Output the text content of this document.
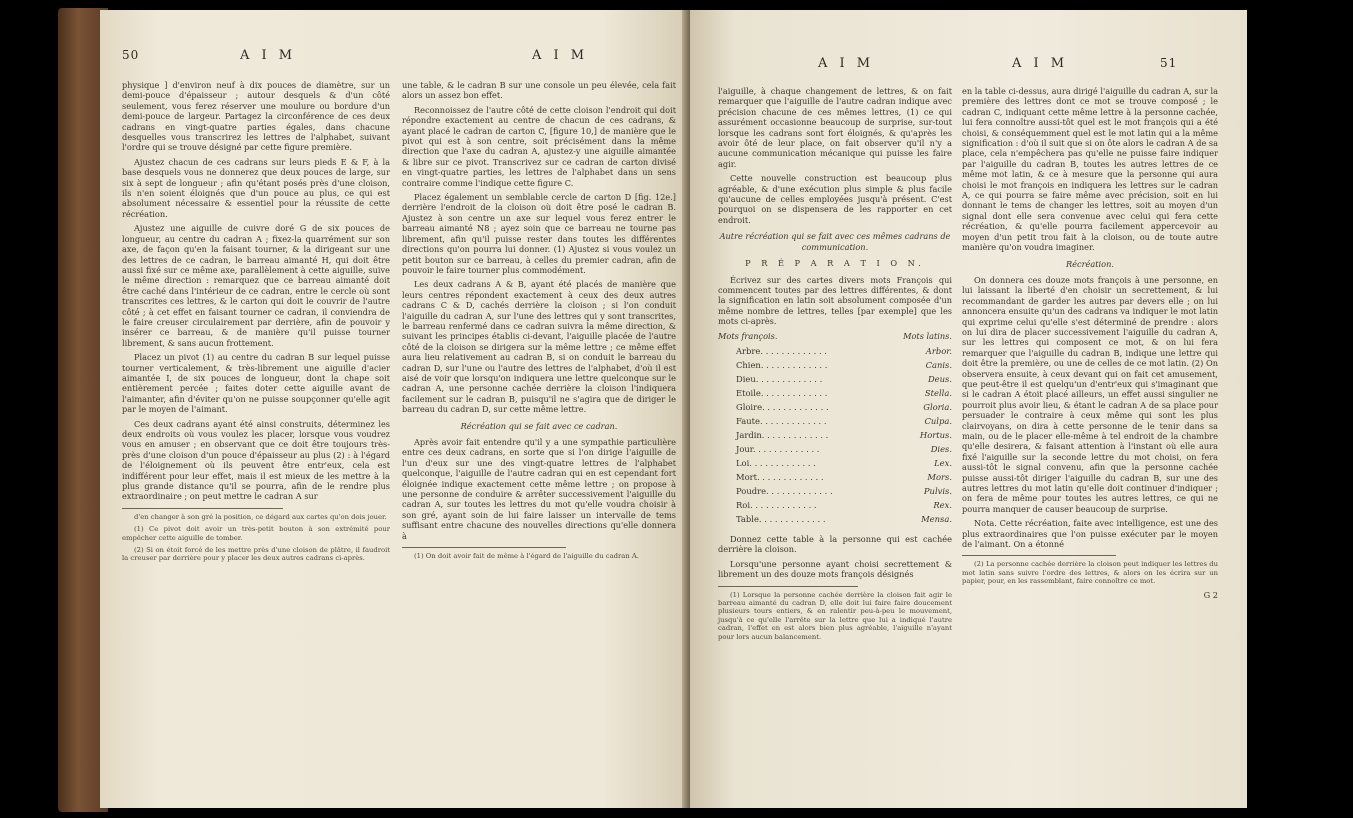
50	A I M	A I M

physique ] d'environ neuf à dix pouces de diamètre, sur un demi-pouce d'épaisseur ; autour desquels & d'un côté seulement, vous ferez réserver une moulure ou bordure d'un demi-pouce de largeur. Partagez la circonférence de ces deux cadrans en vingt-quatre parties égales, dans chacune desquelles vous transcrirez les lettres de l'alphabet, suivant l'ordre qui se trouve désigné par cette figure première.

Ajustez chacun de ces cadrans sur leurs pieds E & F, à la base desquels vous ne donnerez que deux pouces de large, sur six à sept de longueur ; afin qu'étant posés près d'une cloison, ils n'en soient éloignés que d'un pouce au plus, ce qui est absolument nécessaire & essentiel pour la réussite de cette récréation.

Ajustez une aiguille de cuivre doré G de six pouces de longueur, au centre du cadran A ; fixez-la quarrément sur son axe, de façon qu'en la faisant tourner, & la dirigeant sur une des lettres de ce cadran, le barreau aimanté H, qui doit être aussi fixé sur ce même axe, parallèlement à cette aiguille, suive le même direction : remarquez que ce barreau aimanté doit être caché dans l'intérieur de ce cadran, entre le cercle où sont transcrites ces lettres, & le carton qui doit le couvrir de l'autre côté ; à cet effet en faisant tourner ce cadran, il conviendra de le faire creuser circulairement par derrière, afin de pouvoir y insérer ce barreau, & de manière qu'il puisse tourner librement, & sans aucun frottement.

Placez un pivot (1) au centre du cadran B sur lequel puisse tourner verticalement, & très-librement une aiguille d'acier aimantée I, de six pouces de longueur, dont la chape soit entièrement percée ; faites doter cette aiguille avant de l'aimanter, afin d'éviter qu'on ne puisse soupçonner qu'elle agit par le moyen de l'aimant.

Ces deux cadrans ayant été ainsi construits, déterminez les deux endroits où vous voulez les placer, lorsque vous voudrez vous en amuser ; en observant que ce doit être toujours très-près d'une cloison d'un pouce d'épaisseur au plus (2) : à l'égard de l'éloignement où ils peuvent être entr'eux, cela est indifférent pour leur effet, mais il est mieux de les mettre à la plus grande distance qu'il se pourra, afin de le rendre plus extraordinaire ; on peut mettre le cadran A sur

d'en changer à son gré la position, ce dégard aux cartes qu'on dois jouer.

(1) Ce pivot doit avoir un très-petit bouton à son extrémité pour empêcher cette aiguille de tomber.

(2) Si on étoit forcé de les mettre près d'une cloison de plâtre, il faudroit la creuser par derrière pour y placer les deux autres cadrans ci-après.

une table, & le cadran B sur une console un peu élevée, cela fait alors un assez bon effet.

Reconnoissez de l'autre côté de cette cloison l'endroit qui doit répondre exactement au centre de chacun de ces cadrans, & ayant placé le cadran de carton C, [figure 10,] de manière que le pivot qui est à son centre, soit précisément dans la même direction que l'axe du cadran A, ajustez-y une aiguille aimantée & libre sur ce pivot. Transcrivez sur ce cadran de carton divisé en vingt-quatre parties, les lettres de l'alphabet dans un sens contraire comme l'indique cette figure C.

Placez également un semblable cercle de carton D [fig. 12e.] derrière l'endroit de la cloison où doit être posé le cadran B. Ajustez à son centre un axe sur lequel vous ferez entrer le barreau aimanté N8 ; ayez soin que ce barreau ne tourne pas librement, afin qu'il puisse rester dans toutes les différentes directions qu'on pourra lui donner. (1) Ajustez si vous voulez un petit bouton sur ce barreau, à celles du premier cadran, afin de pouvoir le faire tourner plus commodément.

Les deux cadrans A & B, ayant été placés de manière que leurs centres répondent exactement à ceux des deux autres cadrans C & D, cachés derrière la cloison ; si l'on conduit l'aiguille du cadran A, sur l'une des lettres qui y sont transcrites, le barreau renfermé dans ce cadran suivra la même direction, & suivant les principes établis ci-devant, l'aiguille placée de l'autre côté de la cloison se dirigera sur la même lettre ; ce même effet aura lieu relativement au cadran B, si on conduit le barreau du cadran D, sur l'une ou l'autre des lettres de l'alphabet, d'où il est aisé de voir que lorsqu'on indiquera une lettre quelconque sur le cadran A, une personne cachée derrière la cloison l'indiquera facilement sur le cadran B, puisqu'il ne s'agira que de diriger le barreau du cadran D, sur cette même lettre.

Récréation qui se fait avec ce cadran.

Après avoir fait entendre qu'il y a une sympathie particulière entre ces deux cadrans, en sorte que si l'on dirige l'aiguille de l'un d'eux sur une des vingt-quatre lettres de l'alphabet quelconque, l'aiguille de l'autre cadran qui en est cependant fort éloignée indique exactement cette même lettre ; on propose à une personne de conduire & arrêter successivement l'aiguille du cadran A, sur toutes les lettres du mot qu'elle voudra choisir à son gré, ayant soin de lui faire laisser un intervalle de tems suffisant entre chacune des nouvelles directions qu'elle donnera à

(1) On doit avoir fait de même à l'égard de l'aiguille du cadran A.

A I M	A I M	51

l'aiguille, à chaque changement de lettres, & on fait remarquer que l'aiguille de l'autre cadran indique avec précision chacune de ces mêmes lettres, (1) ce qui assurément occasionne beaucoup de surprise, sur-tout lorsque les cadrans sont fort éloignés, & qu'après les avoir ôté de leur place, on fait observer qu'il n'y a aucune communication mécanique qui puisse les faire agir.

Cette nouvelle construction est beaucoup plus agréable, & d'une exécution plus simple & plus facile qu'aucune de celles employées jusqu'à présent. C'est pourquoi on se dispensera de les rapporter en cet endroit.

Autre récréation qui se fait avec ces mêmes cadrans de communication.

P R É P A R A T I O N.

Écrivez sur des cartes divers mots François qui commencent toutes par des lettres différentes, & dont la signification en latin soit absolument composée d'un même nombre de lettres, telles [par exemple] que les mots ci-après.

Mots françois.	Mots latins.
Arbre. . . . . . . . . . . . .	Arbor.
Chien. . . . . . . . . . . . .	Canis.
Dieu. . . . . . . . . . . . .	Deus.
Etoile. . . . . . . . . . . . .	Stella.
Gloire. . . . . . . . . . . . .	Gloria.
Faute. . . . . . . . . . . . .	Culpa.
Jardin. . . . . . . . . . . . .	Hortus.
Jour. . . . . . . . . . . . .	Dies.
Loi. . . . . . . . . . . . .	Lex.
Mort. . . . . . . . . . . . .	Mors.
Poudre. . . . . . . . . . . . .	Pulvis.
Roi. . . . . . . . . . . . .	Rex.
Table. . . . . . . . . . . . .	Mensa.

Donnez cette table à la personne qui est cachée derrière la cloison.

Lorsqu'une personne ayant choisi secrettement & librement un des douze mots françois désignés

(1) Lorsque la personne cachée derrière la cloison fait agir le barreau aimanté du cadran D, elle doit lui faire faire doucement plusieurs tours entiers, & en ralentir peu-à-peu le mouvement, jusqu'à ce qu'elle l'arrête sur la lettre que lui a indiqué l'autre cadran, l'effet en est alors bien plus agréable, l'aiguille n'ayant pour lors aucun balancement.

en la table ci-dessus, aura dirigé l'aiguille du cadran A, sur la première des lettres dont ce mot se trouve composé ; le cadran C, indiquant cette même lettre à la personne cachée, lui fera connoître aussi-tôt quel est le mot françois qui a été choisi, & conséquemment quel est le mot latin qui a la même signification : d'où il suit que si on ôte alors le cadran A de sa place, cela n'empêchera pas qu'elle ne puisse faire indiquer par l'aiguille du cadran B, toutes les autres lettres de ce même mot latin, & ce à mesure que la personne qui aura choisi le mot françois en indiquera les lettres sur le cadran A, ce qui pourra se faire même avec précision, soit en lui donnant le tems de changer les lettres, soit au moyen d'un signal dont elle sera convenue avec celui qui fera cette récréation, & qu'elle pourra facilement appercevoir au moyen d'un petit trou fait à la cloison, ou de toute autre manière qu'on voudra imaginer.

Récréation.

On donnera ces douze mots françois à une personne, en lui laissant la liberté d'en choisir un secrettement, & lui recommandant de garder les autres par devers elle ; on lui annoncera ensuite qu'un des cadrans va indiquer le mot latin qui exprime celui qu'elle s'est déterminé de prendre : alors on lui dira de placer successivement l'aiguille du cadran A, sur les lettres qui composent ce mot, & on lui fera remarquer que l'aiguille du cadran B, indique une lettre qui doit être la première, ou une de celles de ce mot latin. (2) On observera ensuite, à ceux devant qui on fait cet amusement, que peut-être il est quelqu'un d'entr'eux qui s'imaginant que si le cadran A étoit placé ailleurs, un effet aussi singulier ne pourroit plus avoir lieu, & étant le cadran A de sa place pour persuader le contraire à ceux même qui sont les plus clairvoyans, on dira à cette personne de le tenir dans sa main, ou de le placer elle-même à tel endroit de la chambre qu'elle desirera, & faisant attention à l'instant où elle aura fixé l'aiguille sur la seconde lettre du mot choisi, on fera aussi-tôt le signal convenu, afin que la personne cachée puisse aussi-tôt diriger l'aiguille du cadran B, sur une des autres lettres du mot latin qu'elle doit continuer d'indiquer ; on fera de même pour toutes les autres lettres, ce qui ne pourra manquer de causer beaucoup de surprise.

Nota. Cette récréation, faite avec intelligence, est une des plus extraordinaires que l'on puisse exécuter par le moyen de l'aimant. On a étonné

(2) La personne cachée derrière la cloison peut indiquer les lettres du mot latin sans suivre l'ordre des lettres, & alors on les écrira sur un papier, pour, en les rassemblant, faire connoître ce mot.

G 2
